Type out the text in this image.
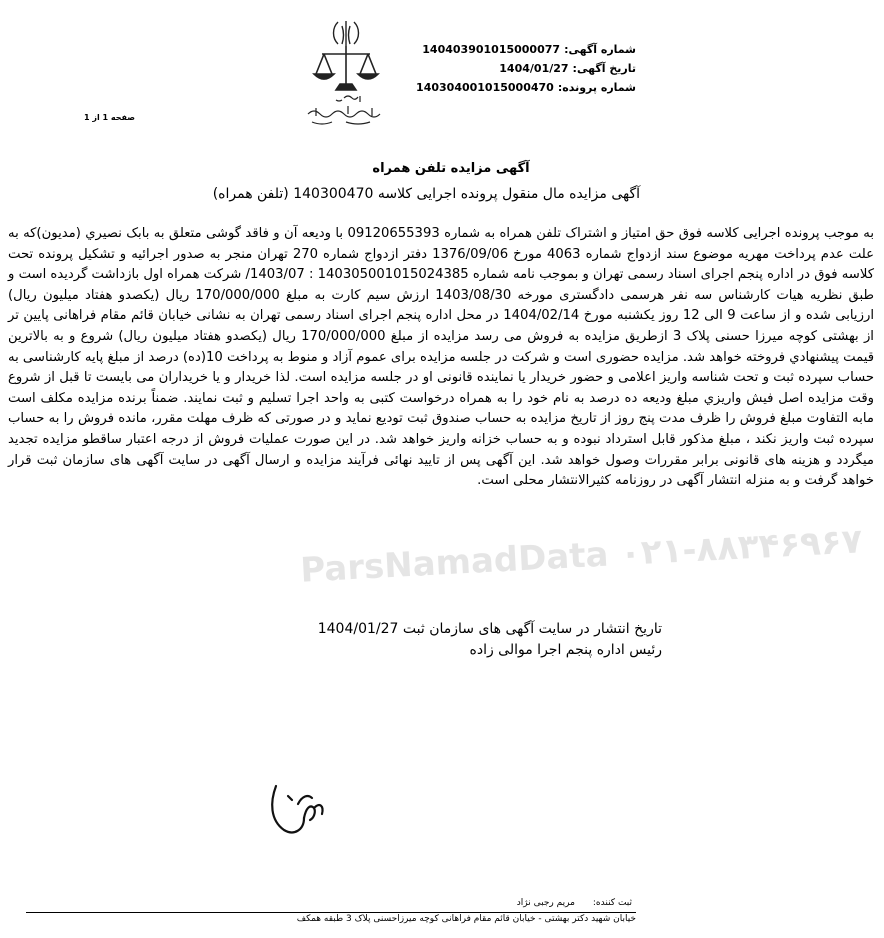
شماره آگهی:140403901015000077
تاریخ آگهی:1404/01/27
شماره پرونده:140304001015000470
صفحه 1 از 1
آگهی مزایده تلفن همراه
آگهی مزایده مال منقول پرونده اجرایی کلاسه 140300470 (تلفن همراه)
ParsNamadData ۰۲۱-۸۸۳۴۶۹۶۷

به موجب پرونده اجرایی کلاسه فوق حق امتیاز و اشتراک تلفن همراه به شماره 09120655393 با ودیعه آن و فاقد گوشی متعلق به بابک نصیري (مدیون)كه به علت عدم پرداخت مهریه موضوع سند ازدواج شماره 4063 مورخ 1376/09/06 دفتر ازدواج شماره 270 تهران منجر به صدور اجرائیه و تشکیل پرونده تحت کلاسه فوق در اداره پنجم اجرای اسناد رسمی تهران و بموجب نامه شماره 140305001015024385 : 1403/07/ شرکت همراه اول بازداشت گردیده است و طبق نظریه هیات کارشناس سه نفر هرسمی دادگستری مورخه 1403/08/30 ارزش سیم کارت به مبلغ 170/000/000 ریال (یکصدو هفتاد میلیون ریال) ارزیابی شده و از ساعت 9 الی 12 روز یکشنبه مورخ 1404/02/14 در محل اداره پنجم اجرای اسناد رسمی تهران به نشانی خیابان قائم مقام فراهانی پایین تر از بهشتی کوچه میرزا حسنی پلاک 3 ازطریق مزایده به فروش می رسد مزایده از مبلغ 170/000/000 ریال (یکصدو هفتاد میلیون ریال) شروع و به بالاترین قیمت پیشنهادي فروخته خواهد شد. مزایده حضوری است و شرکت در جلسه مزایده برای عموم آزاد و منوط به پرداخت 10(ده) درصد از مبلغ پایه کارشناسی به حساب سپرده ثبت و تحت شناسه واریز اعلامی و حضور خریدار یا نماینده قانونی او در جلسه مزایده است. لذا خریدار و یا خریداران می بایست تا قبل از شروع وقت مزایده اصل فیش واریزي مبلغ ودیعه ده درصد به نام خود را به همراه درخواست کتبی به واحد اجرا تسلیم و ثبت نمایند. ضمناً برنده مزایده مکلف است مابه التفاوت مبلغ فروش را ظرف مدت پنج روز از تاریخ مزایده به حساب صندوق ثبت تودیع نماید و در صورتی که ظرف مهلت مقرر، مانده فروش را به حساب سپرده ثبت واریز نکند ، مبلغ مذکور قابل استرداد نبوده و به حساب خزانه واریز خواهد شد. در این صورت عملیات فروش از درجه اعتبار ساقطو مزایده تجدید میگردد و هزینه های قانونی برابر مقررات وصول خواهد شد. این آگهی پس از تایید نهائی فرآیند مزایده و ارسال آگهی در سایت آگهی های سازمان ثبت قرار خواهد گرفت و به منزله انتشار آگهی در روزنامه کثیرالانتشار محلی است.

تاریخ انتشار در سایت آگهی های سازمان ثبت 1404/01/27
رئیس اداره پنجم اجرا موالی زاده
ثبت کننده:مریم رجبی نژاد
خیابان شهید دکتر بهشتی - خیابان قائم مقام فراهانی کوچه میرزاحسنی پلاک 3 طبقه همکف
